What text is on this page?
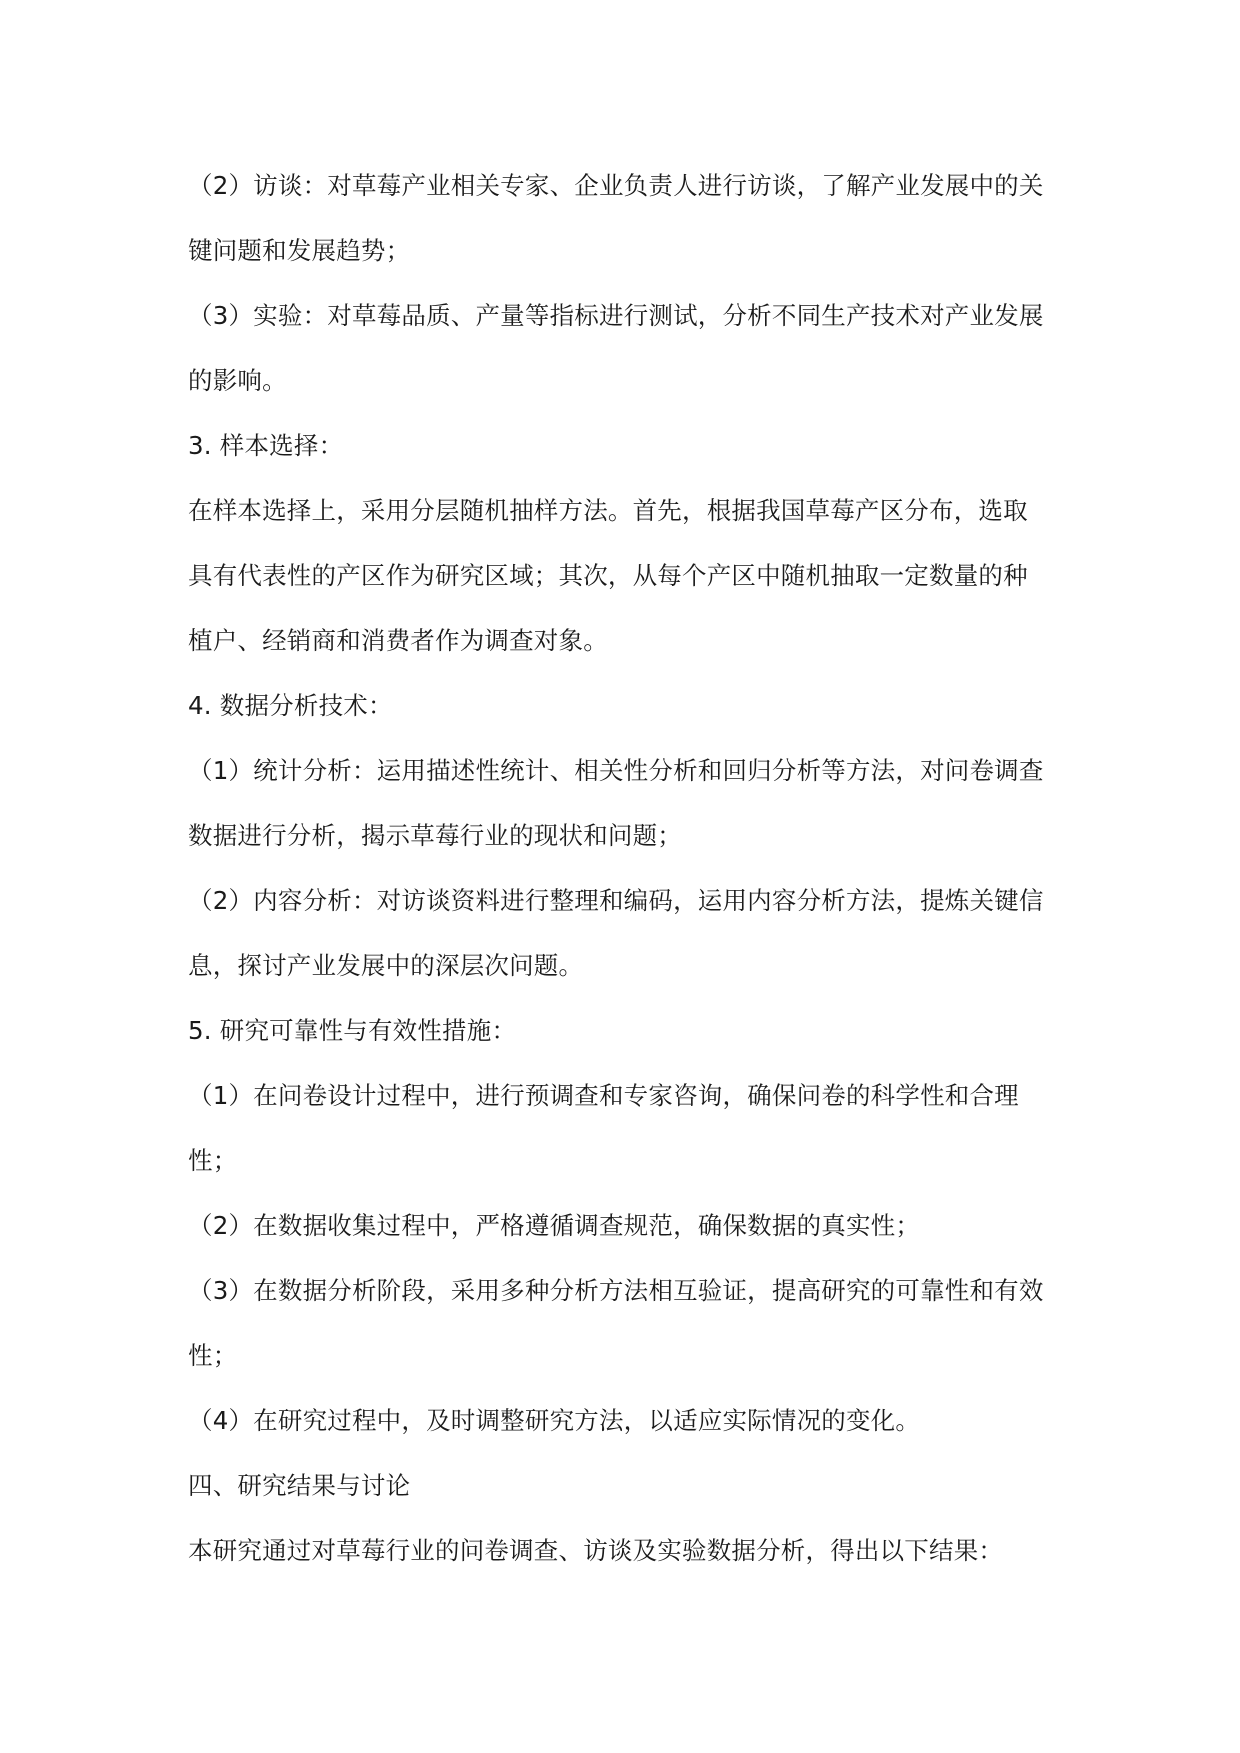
（2）访谈：对草莓产业相关专家、企业负责人进行访谈，了解产业发展中的关
键问题和发展趋势；
（3）实验：对草莓品质、产量等指标进行测试，分析不同生产技术对产业发展
的影响。
3. 样本选择：
在样本选择上，采用分层随机抽样方法。首先，根据我国草莓产区分布，选取
具有代表性的产区作为研究区域；其次，从每个产区中随机抽取一定数量的种
植户、经销商和消费者作为调查对象。
4. 数据分析技术：
（1）统计分析：运用描述性统计、相关性分析和回归分析等方法，对问卷调查
数据进行分析，揭示草莓行业的现状和问题；
（2）内容分析：对访谈资料进行整理和编码，运用内容分析方法，提炼关键信
息，探讨产业发展中的深层次问题。
5. 研究可靠性与有效性措施：
（1）在问卷设计过程中，进行预调查和专家咨询，确保问卷的科学性和合理
性；
（2）在数据收集过程中，严格遵循调查规范，确保数据的真实性；
（3）在数据分析阶段，采用多种分析方法相互验证，提高研究的可靠性和有效
性；
（4）在研究过程中，及时调整研究方法，以适应实际情况的变化。
四、研究结果与讨论
本研究通过对草莓行业的问卷调查、访谈及实验数据分析，得出以下结果：
